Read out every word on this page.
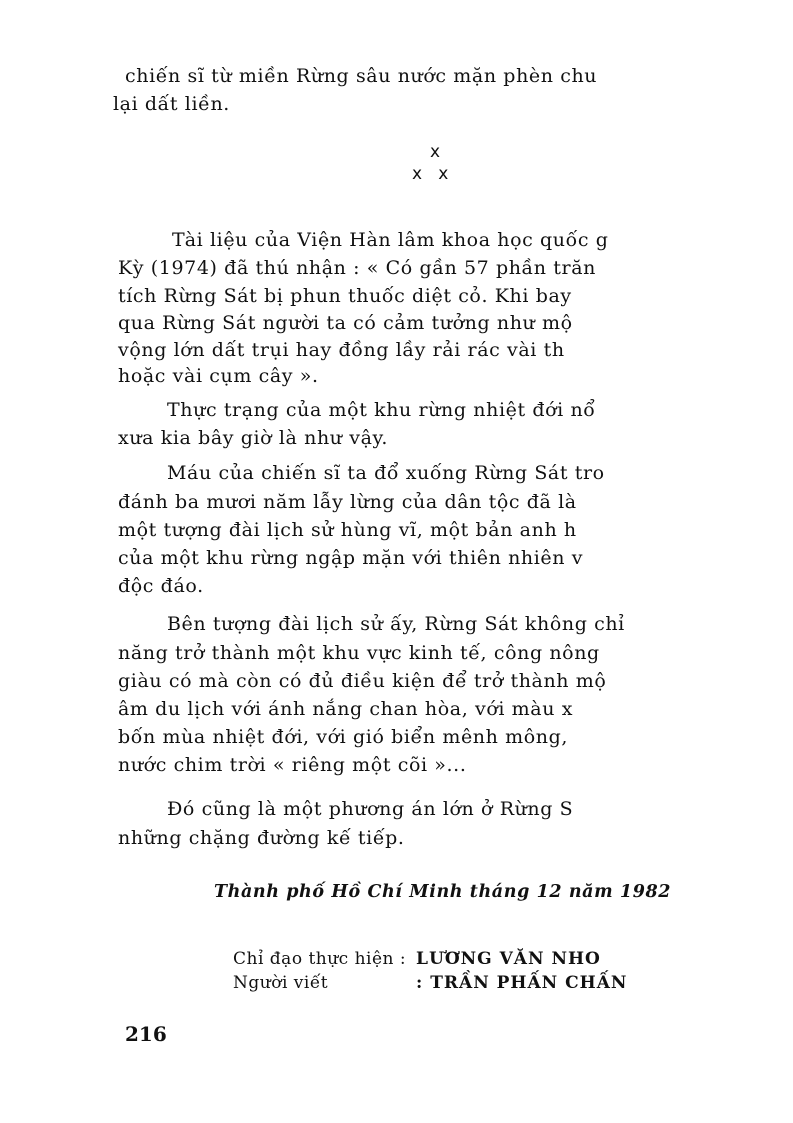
chiến sĩ từ miền Rừng sâu nước mặn phèn chu
lại dất liền.
x
x   x
Tài liệu của Viện Hàn lâm khoa học quốc g
Kỳ (1974) đã thú nhận : « Có gần 57 phần trăn
tích Rừng Sát bị phun thuốc diệt cỏ. Khi bay
qua Rừng Sát người ta có cảm tưởng như mộ
vộng lớn dất trụi hay đồng lầy rải rác vài th
hoặc vài cụm cây ».
Thực trạng của một khu rừng nhiệt đới nổ
xưa kia bây giờ là như vậy.
Máu của chiến sĩ ta đổ xuống Rừng Sát tro
đánh ba mươi năm lẫy lừng của dân tộc đã là
một tượng đài lịch sử hùng vĩ, một bản anh h
của một khu rừng ngập mặn với thiên nhiên v
độc đáo.
Bên tượng đài lịch sử ấy, Rừng Sát không chỉ
năng trở thành một khu vực kinh tế, công nông
giàu có mà còn có đủ điều kiện để trở thành mộ
âm du lịch với ánh nắng chan hòa, với màu x
bốn mùa nhiệt đới, với gió biển mênh mông,
nước chim trời « riêng một cõi »...
Đó cũng là một phương án lớn ở Rừng S
những chặng đường kế tiếp.
Thành phố Hồ Chí Minh tháng 12 năm 1982
Chỉ đạo thực hiện : LƯƠNG VĂN NHO
Người viết	: TRẦN PHẤN CHẤN
216
